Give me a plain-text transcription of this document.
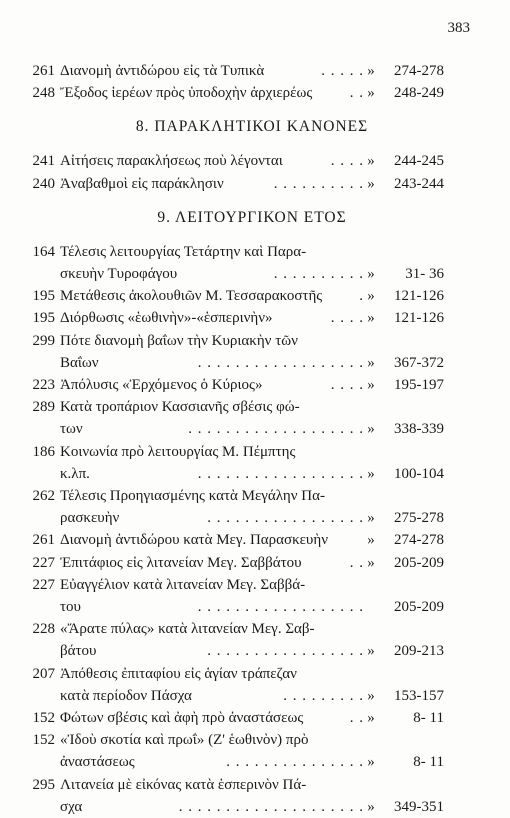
383
261 Διανομὴ ἀντιδώρου εἰς τὰ Τυπικὰ	. . . . . »	274-278
248 Ἔξοδος ἱερέων πρὸς ὑποδοχὴν ἀρχιερέως	. . »	248-249
8. ΠΑΡΑΚΛΗΤΙΚΟΙ ΚΑΝΟΝΕΣ
241 Αἰτήσεις παρακλήσεως ποὺ λέγονται	. . . . »	244-245
240 Ἀναβαθμοὶ εἰς παράκλησιν	. . . . . . . . . . »	243-244
9. ΛΕΙΤΟΥΡΓΙΚΟΝ ΕΤΟΣ
164 Τέλεσις λειτουργίας Τετάρτην καὶ Παρα-
σκευὴν Τυροφάγου	. . . . . . . . . . »	31- 36
195 Μετάθεσις ἀκολουθιῶν Μ. Τεσσαρακοστῆς	. »	121-126
195 Διόρθωσις «ἑωθινὴν»-«ἑσπερινὴν»	. . . . »	121-126
299 Πότε διανομὴ βαΐων τὴν Κυριακὴν τῶν
Βαΐων	. . . . . . . . . . . . . . . . . . »	367-372
223 Ἀπόλυσις «Ἐρχόμενος ὁ Κύριος»	. . . . »	195-197
289 Κατὰ τροπάριον Κασσιανῆς σβέσις φώ-
των	. . . . . . . . . . . . . . . . . . . »	338-339
186 Κοινωνία πρὸ λειτουργίας Μ. Πέμπτης
κ.λπ.	. . . . . . . . . . . . . . . . . . »	100-104
262 Τέλεσις Προηγιασμένης κατὰ Μεγάλην Πα-
ρασκευὴν	. . . . . . . . . . . . . . . . . »	275-278
261 Διανομὴ ἀντιδώρου κατὰ Μεγ. Παρασκευὴν	»	274-278
227 Ἐπιτάφιος εἰς λιτανείαν Μεγ. Σαββάτου	. . »	205-209
227 Εὐαγγέλιον κατὰ λιτανείαν Μεγ. Σαββά-
του	. . . . . . . . . . . . . . . . . .	205-209
228 «Ἄρατε πύλας» κατὰ λιτανείαν Μεγ. Σαβ-
βάτου	. . . . . . . . . . . . . . . . . »	209-213
207 Ἀπόθεσις ἐπιταφίου εἰς ἁγίαν τράπεζαν
κατὰ περίοδον Πάσχα	. . . . . . . . . »	153-157
152 Φώτων σβέσις καὶ ἀφὴ πρὸ ἀναστάσεως	. . »	8- 11
152 «Ἰδοὺ σκοτία καὶ πρωΐ» (Ζ' ἑωθινὸν) πρὸ
ἀναστάσεως	. . . . . . . . . . . . . . . »	8- 11
295 Λιτανεία μὲ εἰκόνας κατὰ ἑσπερινὸν Πά-
σχα	. . . . . . . . . . . . . . . . . . . . »	349-351
